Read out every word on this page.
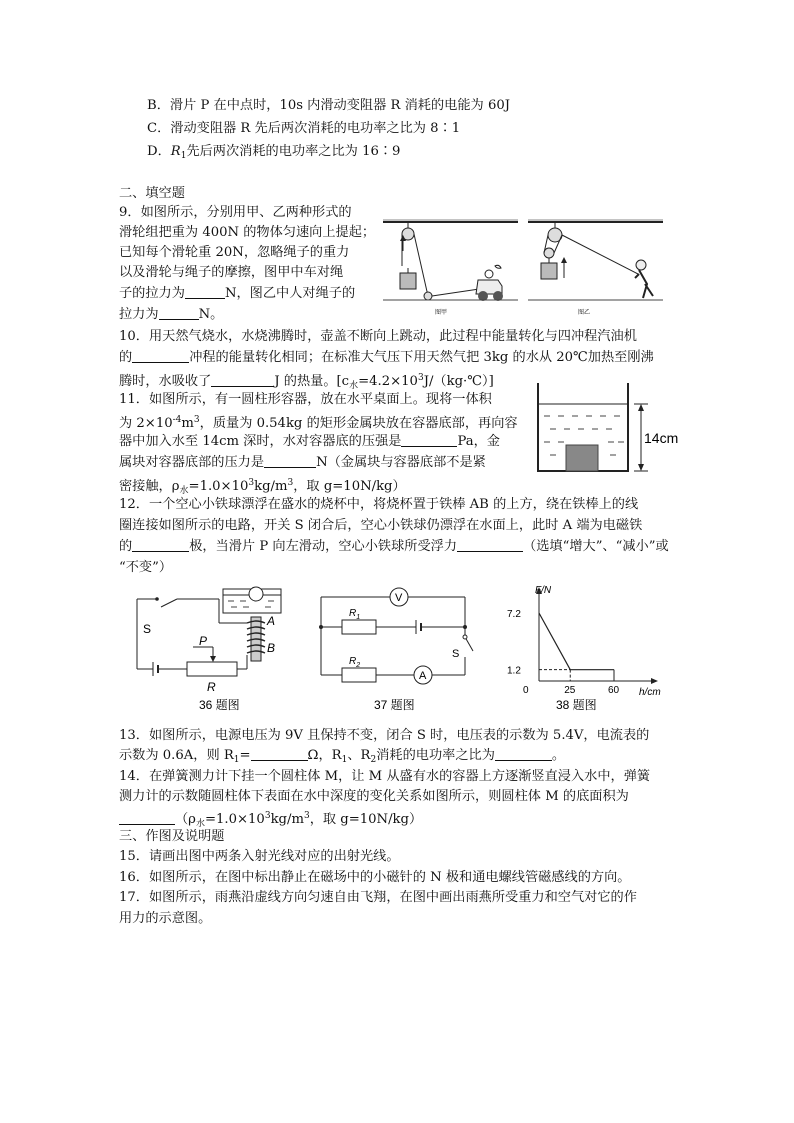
B．滑片 P 在中点时，10s 内滑动变阻器 R 消耗的电能为 60J
C．滑动变阻器 R 先后两次消耗的电功率之比为 8∶1
D．$R_1$先后两次消耗的电功率之比为 16∶9
二、填空题
9．如图所示，分别用甲、乙两种形式的
滑轮组把重为 400N 的物体匀速向上提起；
已知每个滑轮重 20N，忽略绳子的重力
以及滑轮与绳子的摩擦，图甲中车对绳
子的拉力为	N，图乙中人对绳子的
拉力为	N。	图甲	图乙
10．用天然气烧水，水烧沸腾时，壶盖不断向上跳动，此过程中能量转化与四冲程汽油机
的	冲程的能量转化相同；在标准大气压下用天然气把 3kg 的水从 20℃加热至刚沸
腾时，水吸收了	J 的热量。$[c_水=4.2\times 10^3J/(kg\cdot℃)]$
11．如图所示，有一圆柱形容器，放在水平桌面上。现将一体积
为 $2\times 10^{-4}m^3$，质量为 0.54kg 的矩形金属块放在容器底部，再向容
器中加入水至 14cm 深时，水对容器底的压强是	Pa，金
属块对容器底部的压力是	N（金属块与容器底部不是紧
密接触，$\rho_水=1.0\times 10^3kg/m^3$，取 g=10N/kg）
14cm
12．一个空心小铁球漂浮在盛水的烧杯中，将烧杯置于铁棒 AB 的上方，绕在铁棒上的线
圈连接如图所示的电路，开关 S 闭合后，空心小铁球仍漂浮在水面上，此时 A 端为电磁铁
的	极，当滑片 P 向左滑动，空心小铁球所受浮力	（选填“增大”、“减小”或
“不变”）
A
B
S
P
R
36 题图
V
$R_1$
S
$R_2$
A
37 题图
F/N
h/cm
0
7.2
1.2
25	60
38 题图
13．如图所示，电源电压为 9V 且保持不变，闭合 S 时，电压表的示数为 5.4V，电流表的
示数为 0.6A，则 $R_1=$	Ω，$R_1$、$R_2$消耗的电功率之比为	。
14．在弹簧测力计下挂一个圆柱体 M，让 M 从盛有水的容器上方逐渐竖直浸入水中，弹簧
测力计的示数随圆柱体下表面在水中深度的变化关系如图所示，则圆柱体 M 的底面积为
（$\rho_水=1.0\times 10^3kg/m^3$，取 g=10N/kg）
三、作图及说明题
15．请画出图中两条入射光线对应的出射光线。
16．如图所示，在图中标出静止在磁场中的小磁针的 N 极和通电螺线管磁感线的方向。
17．如图所示，雨燕沿虚线方向匀速自由飞翔，在图中画出雨燕所受重力和空气对它的作
用力的示意图。
